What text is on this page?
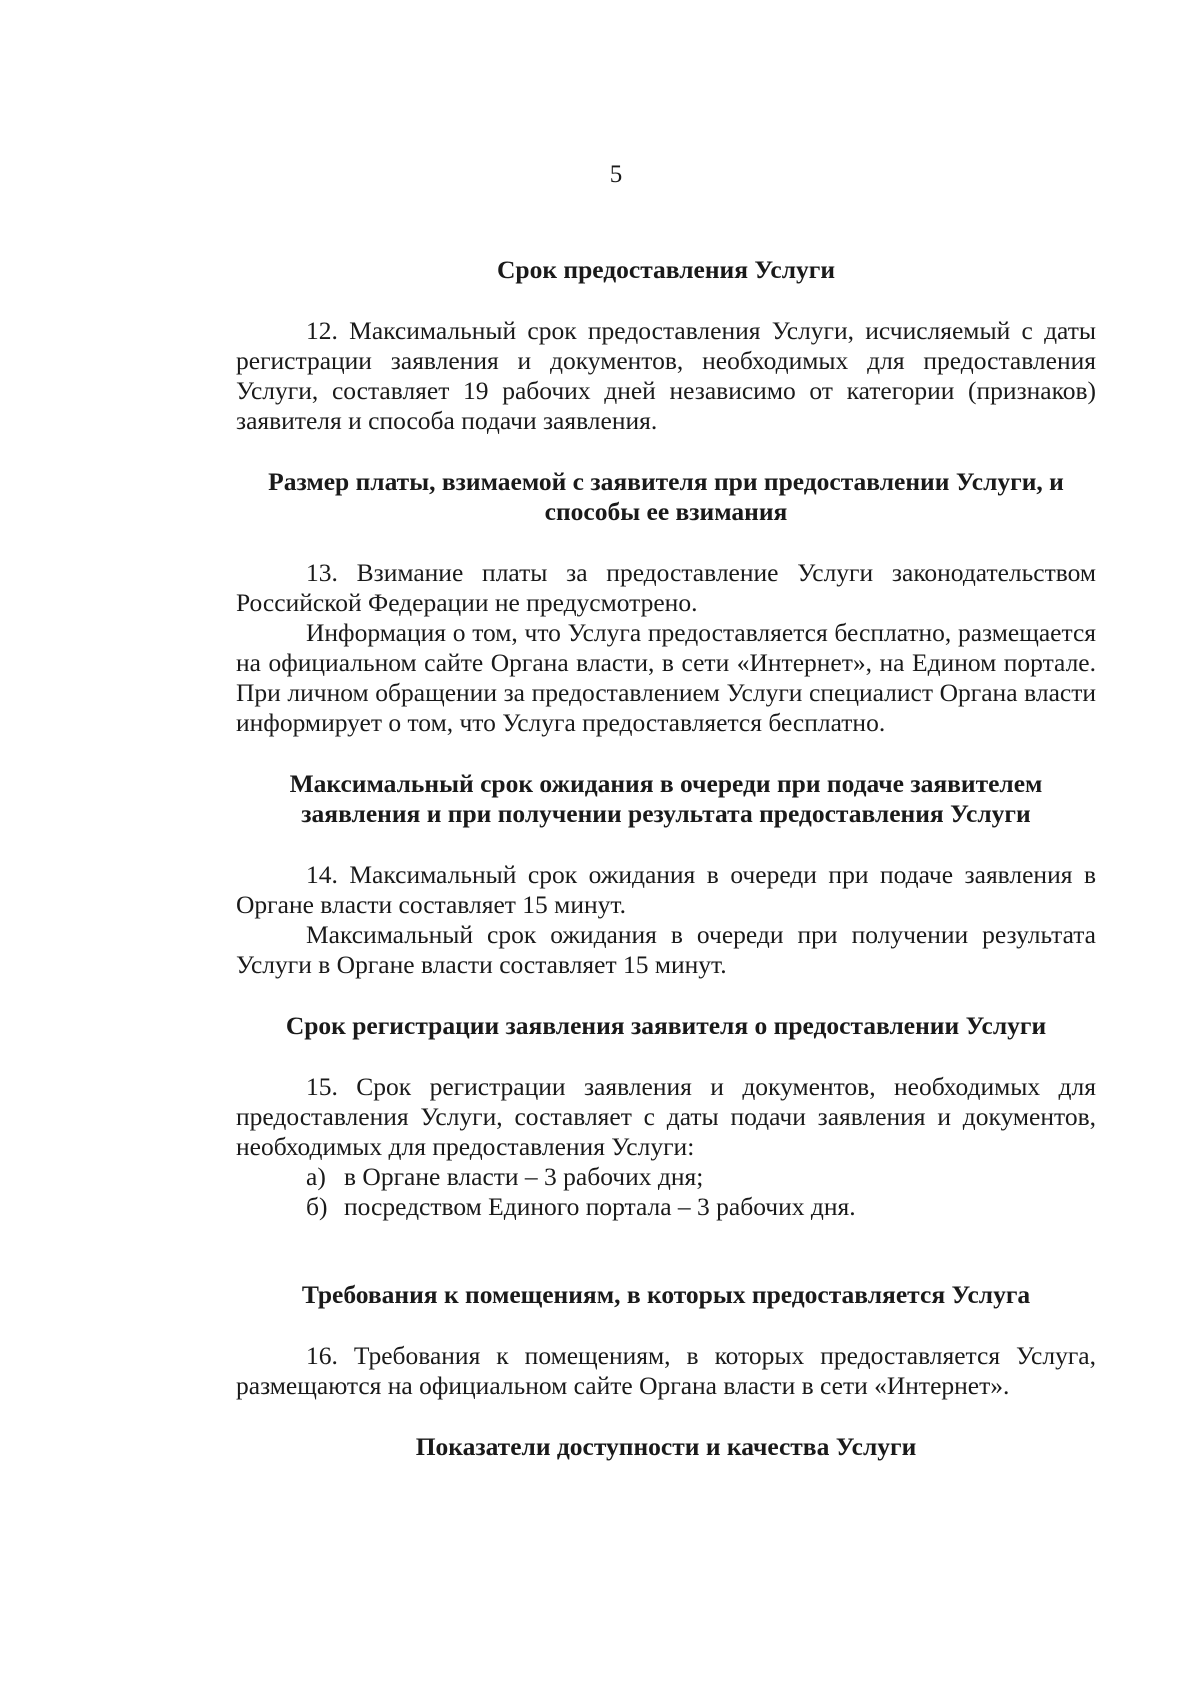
5
Срок предоставления Услуги

12. Максимальный срок предоставления Услуги, исчисляемый с даты регистрации заявления и документов, необходимых для предоставления Услуги, составляет 19 рабочих дней независимо от категории (признаков) заявителя и способа подачи заявления.

Размер платы, взимаемой с заявителя при предоставлении Услуги, и способы ее взимания

13. Взимание платы за предоставление Услуги законодательством Российской Федерации не предусмотрено.

Информация о том, что Услуга предоставляется бесплатно, размещается на официальном сайте Органа власти, в сети «Интернет», на Едином портале. При личном обращении за предоставлением Услуги специалист Органа власти информирует о том, что Услуга предоставляется бесплатно.

Максимальный срок ожидания в очереди при подаче заявителем заявления и при получении результата предоставления Услуги

14. Максимальный срок ожидания в очереди при подаче заявления в Органе власти составляет 15 минут.

Максимальный срок ожидания в очереди при получении результата Услуги в Органе власти составляет 15 минут.

Срок регистрации заявления заявителя о предоставлении Услуги

15. Срок регистрации заявления и документов, необходимых для предоставления Услуги, составляет с даты подачи заявления и документов, необходимых для предоставления Услуги:

а) в Органе власти – 3 рабочих дня;
б) посредством Единого портала – 3 рабочих дня.
Требования к помещениям, в которых предоставляется Услуга

16. Требования к помещениям, в которых предоставляется Услуга, размещаются на официальном сайте Органа власти в сети «Интернет».

Показатели доступности и качества Услуги
